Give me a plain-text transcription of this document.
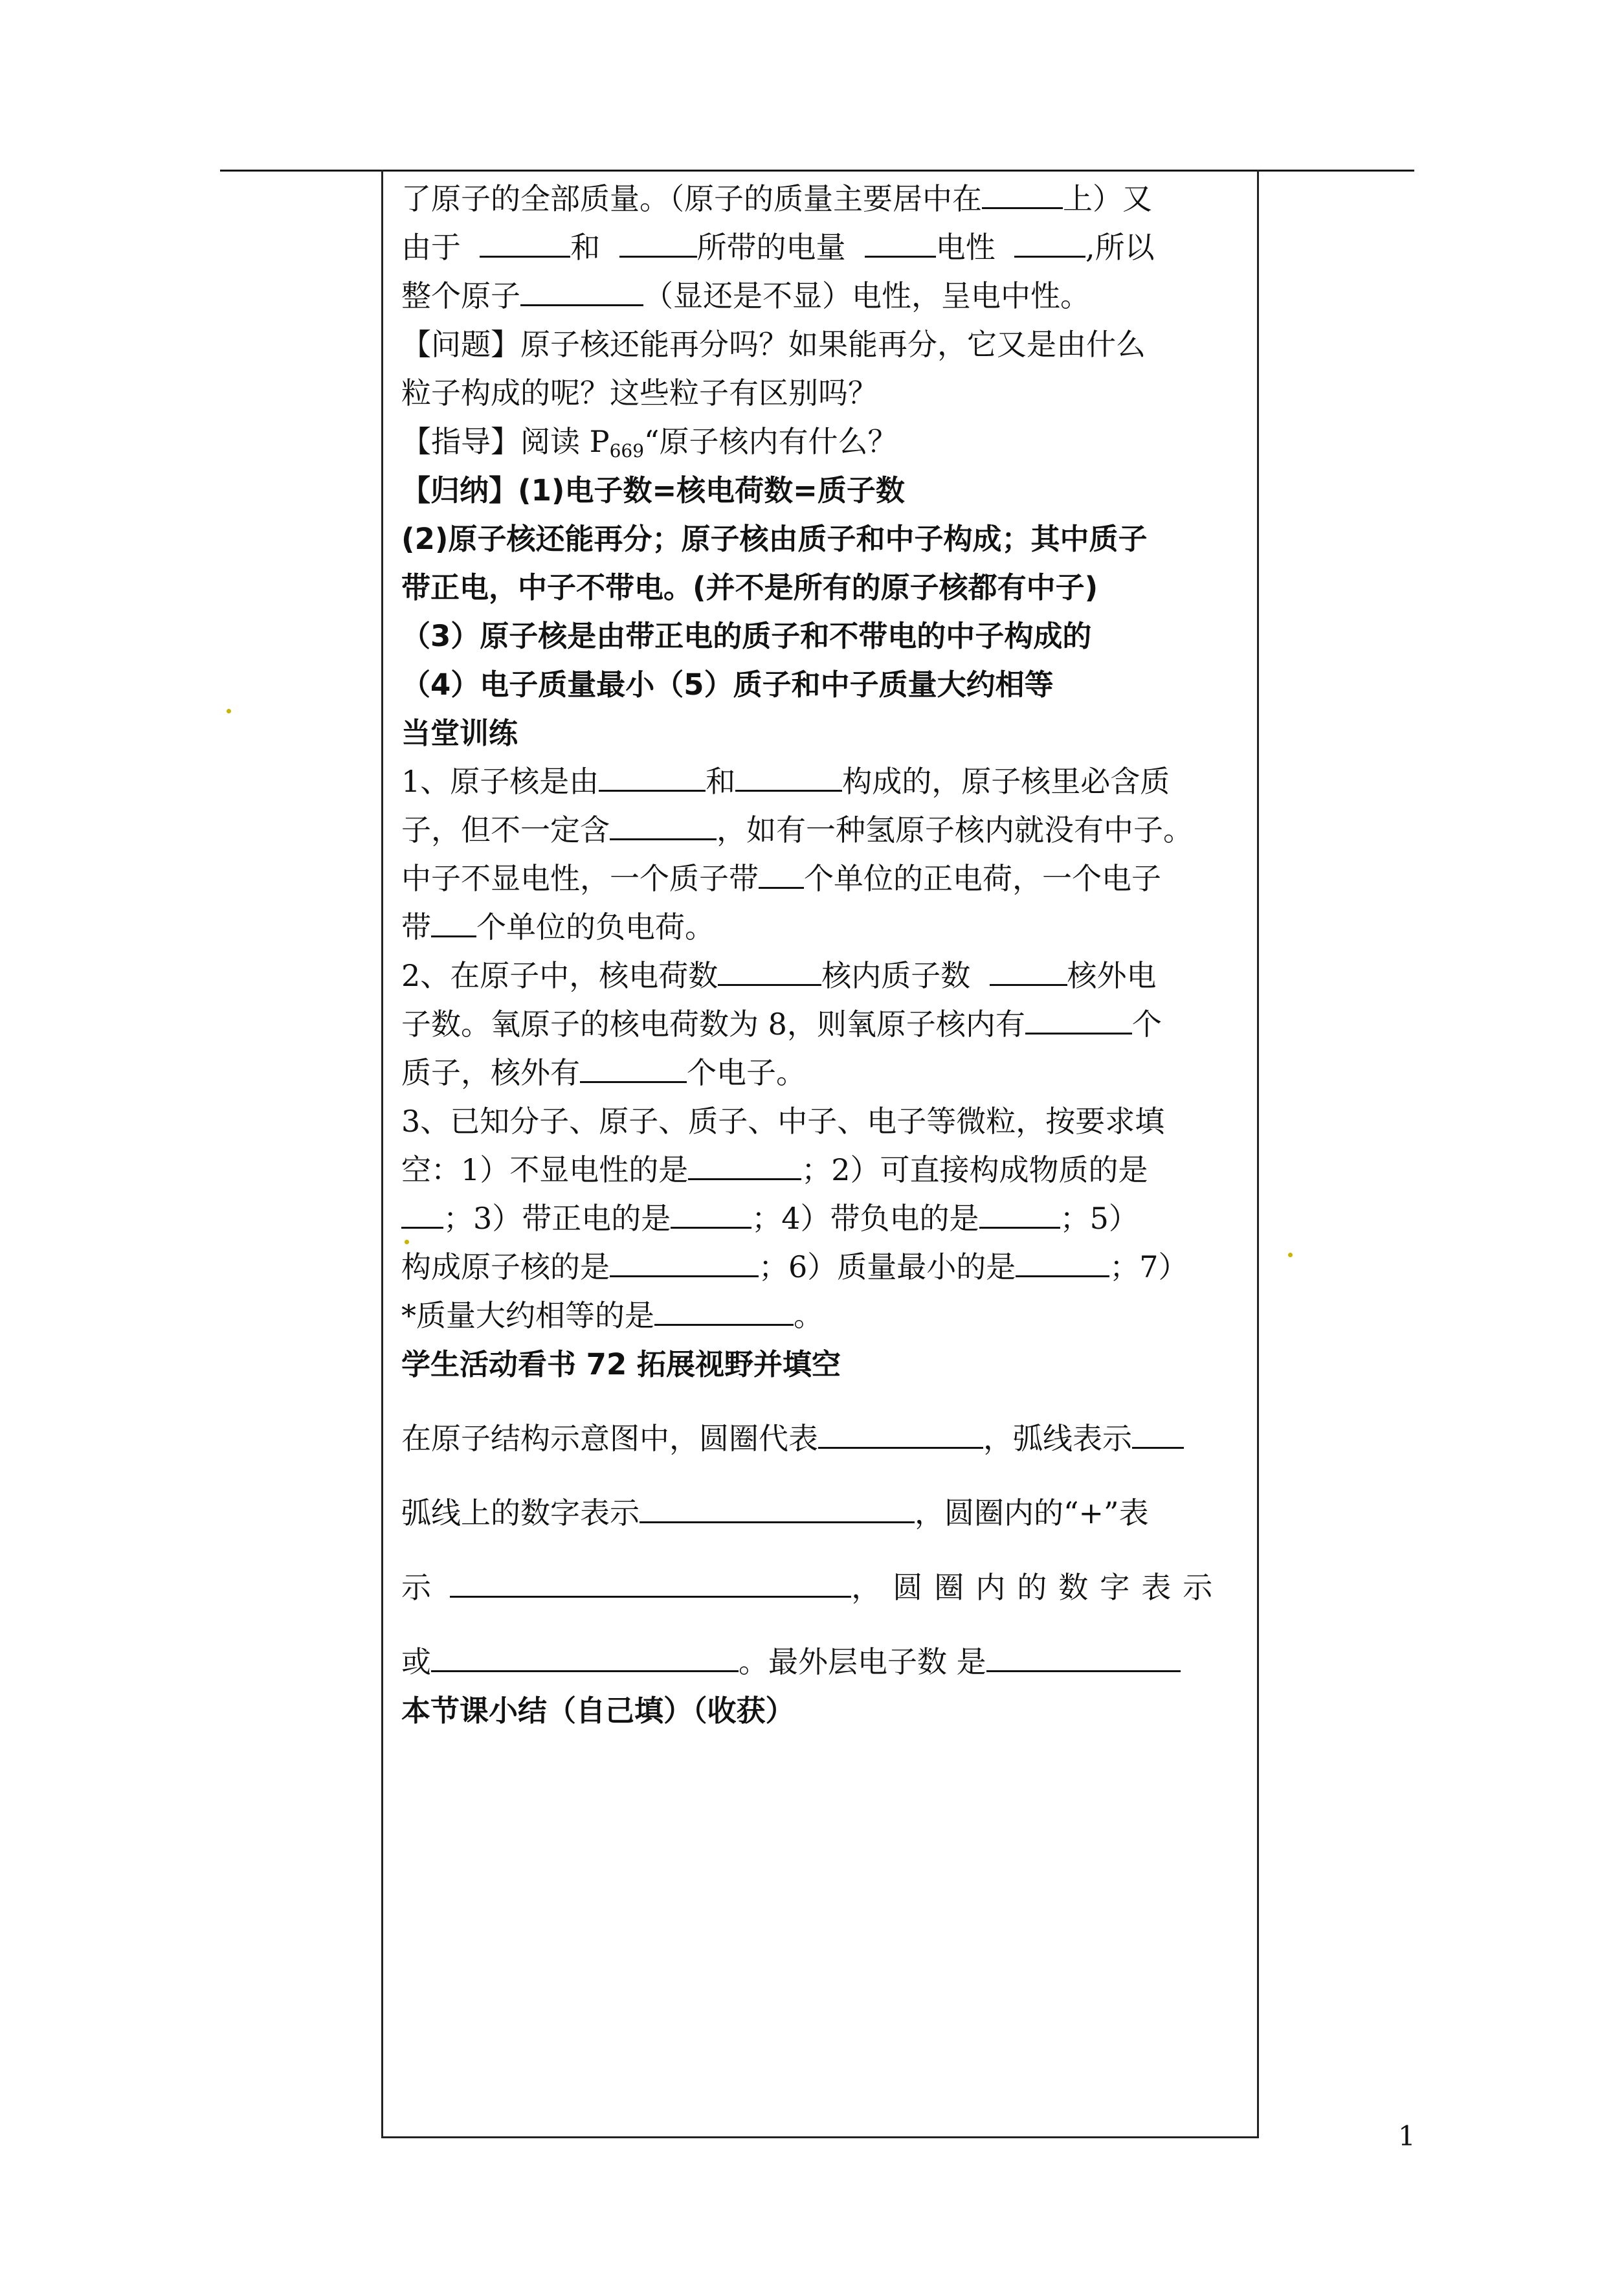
了原子的全部质量。（原子的质量主要居中在	上）又
由于	和	所带的电量	电性	,所以
整个原子	（显还是不显）电性，呈电中性。
【问题】原子核还能再分吗？如果能再分，它又是由什么
粒子构成的呢？这些粒子有区别吗？
【指导】阅读 $P_{669}“$原子核内有什么？
【归纳】(1)电子数=核电荷数=质子数
(2)原子核还能再分；原子核由质子和中子构成；其中质子
带正电，中子不带电。(并不是所有的原子核都有中子)
（3）原子核是由带正电的质子和不带电的中子构成的
（4）电子质量最小（5）质子和中子质量大约相等
当堂训练
1、原子核是由	和	构成的，原子核里必含质
子，但不一定含	，如有一种氢原子核内就没有中子。
中子不显电性，一个质子带 个单位的正电荷，一个电子
带 个单位的负电荷。
2、在原子中，核电荷数	核内质子数	核外电
子数。氧原子的核电荷数为 8，则氧原子核内有	个
质子，核外有	个电子。
3、已知分子、原子、质子、中子、电子等微粒，按要求填
空：1）不显电性的是	；2）可直接构成物质的是
；3）带正电的是	；4）带负电的是	；5）
构成原子核的是	；6）质量最小的是	；7）
*质量大约相等的是	。
学生活动看书 72 拓展视野并填空
在原子结构示意图中，圆圈代表	，弧线表示
弧线上的数字表示	，圆圈内的“+”表
示	，圆圈内的数字表示
或	。最外层电子数 是
本节课小结（自己填）（收获）
1
